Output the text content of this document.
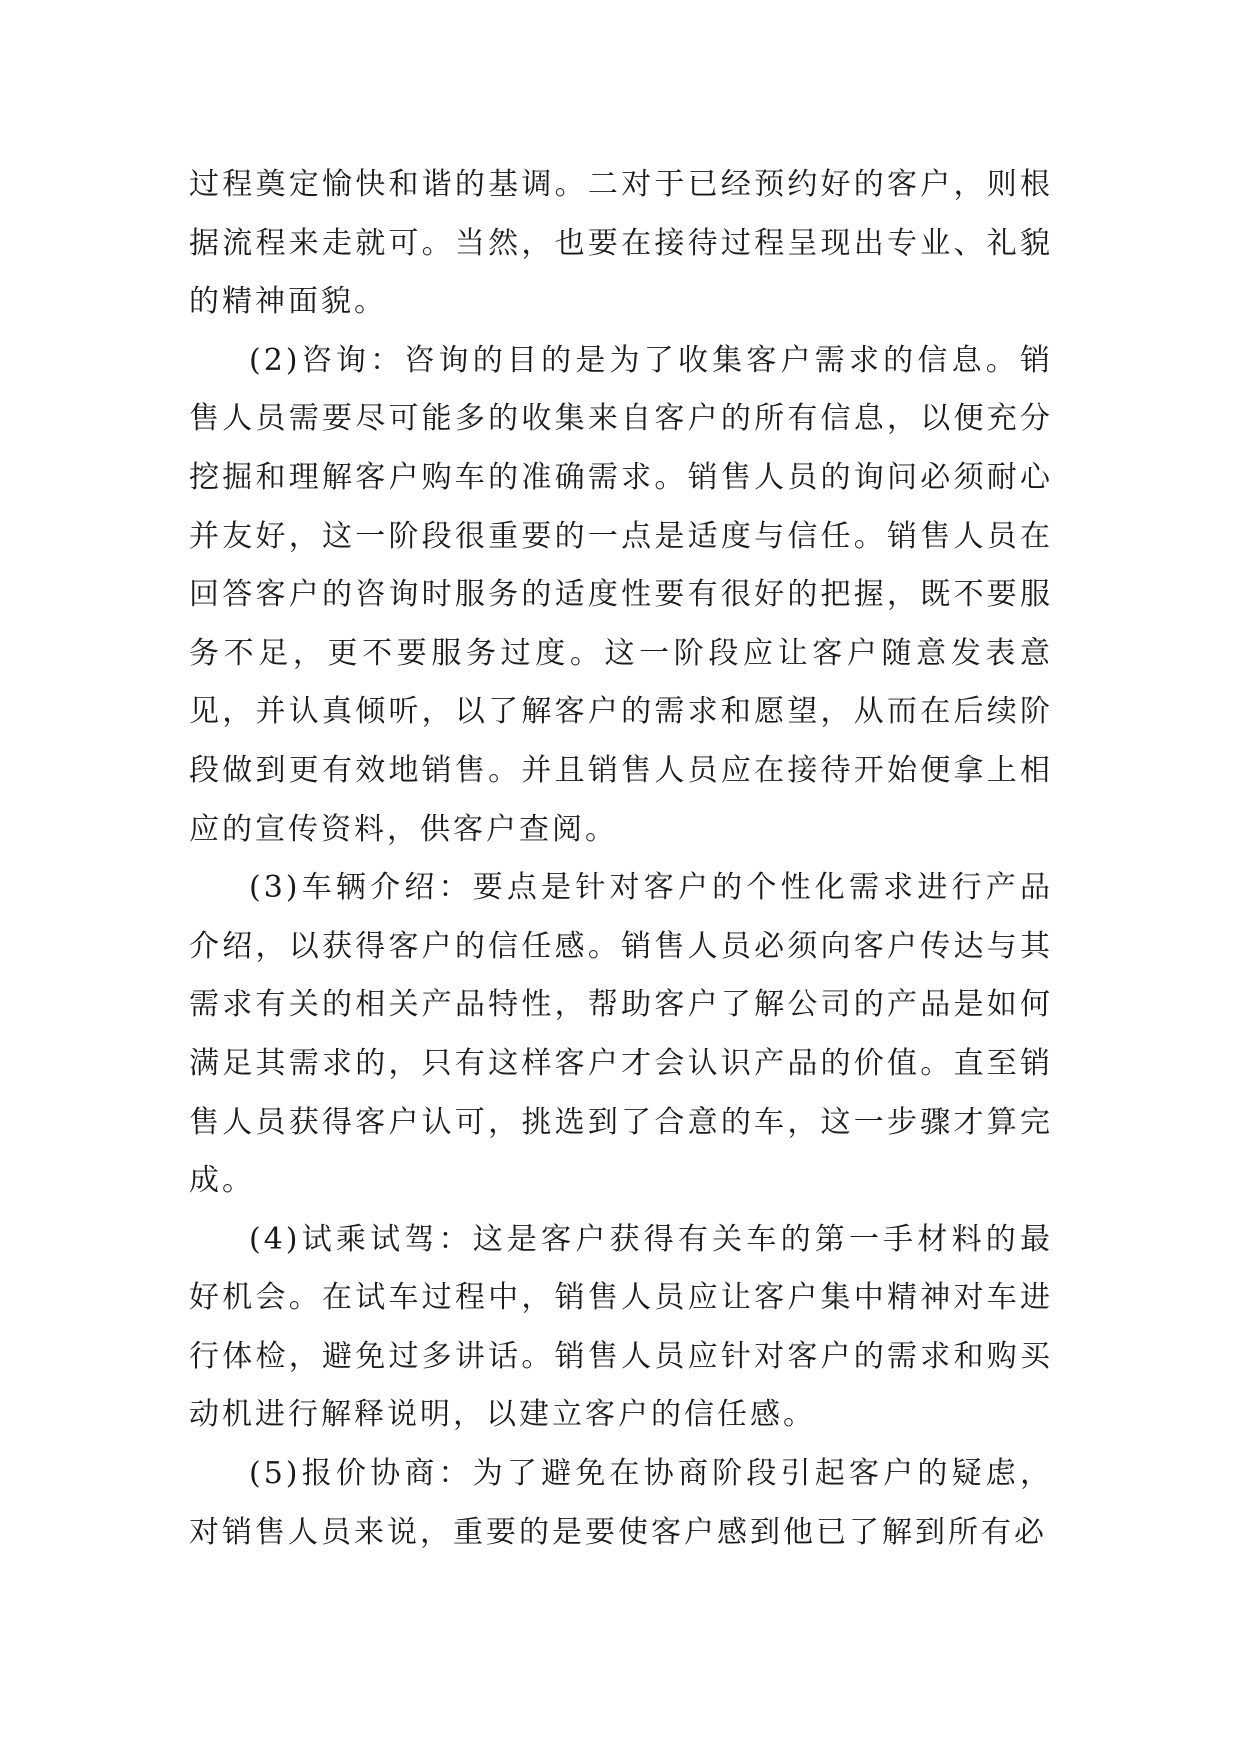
过程奠定愉快和谐的基调。二对于已经预约好的客户，则根据流程来走就可。当然，也要在接待过程呈现出专业、礼貌的精神面貌。

(2)咨询：咨询的目的是为了收集客户需求的信息。销售人员需要尽可能多的收集来自客户的所有信息，以便充分挖掘和理解客户购车的准确需求。销售人员的询问必须耐心并友好，这一阶段很重要的一点是适度与信任。销售人员在回答客户的咨询时服务的适度性要有很好的把握，既不要服务不足，更不要服务过度。这一阶段应让客户随意发表意见，并认真倾听，以了解客户的需求和愿望，从而在后续阶段做到更有效地销售。并且销售人员应在接待开始便拿上相应的宣传资料，供客户查阅。

(3)车辆介绍：要点是针对客户的个性化需求进行产品介绍，以获得客户的信任感。销售人员必须向客户传达与其需求有关的相关产品特性，帮助客户了解公司的产品是如何满足其需求的，只有这样客户才会认识产品的价值。直至销售人员获得客户认可，挑选到了合意的车，这一步骤才算完成。

(4)试乘试驾：这是客户获得有关车的第一手材料的最好机会。在试车过程中，销售人员应让客户集中精神对车进行体检，避免过多讲话。销售人员应针对客户的需求和购买动机进行解释说明，以建立客户的信任感。

(5)报价协商：为了避免在协商阶段引起客户的疑虑，对销售人员来说，重要的是要使客户感到他已了解到所有必
